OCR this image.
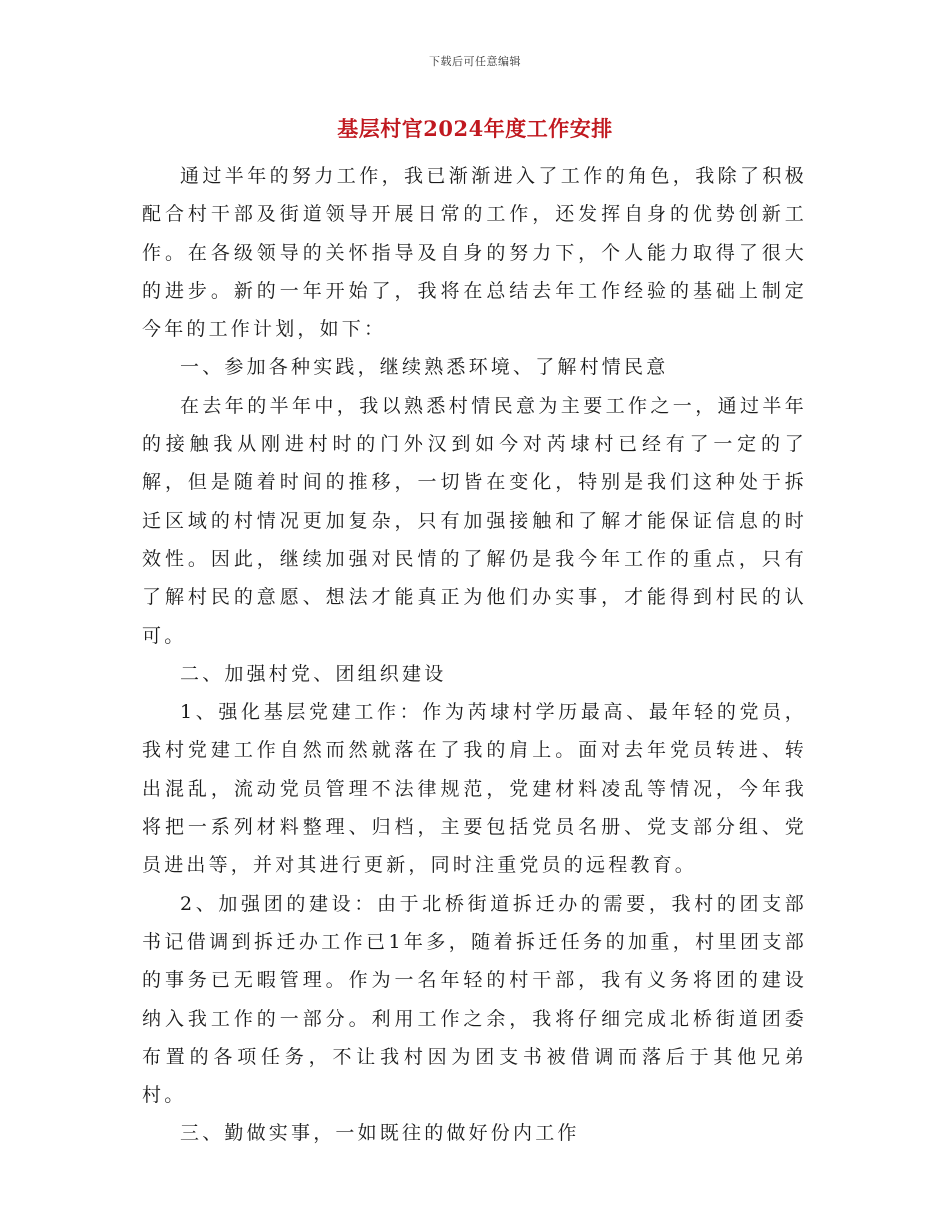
下载后可任意编辑
基层村官2024年度工作安排

通过半年的努力工作，我已渐渐进入了工作的角色，我除了积极配合村干部及街道领导开展日常的工作，还发挥自身的优势创新工作。在各级领导的关怀指导及自身的努力下，个人能力取得了很大的进步。新的一年开始了，我将在总结去年工作经验的基础上制定今年的工作计划，如下：

一、参加各种实践，继续熟悉环境、了解村情民意

在去年的半年中，我以熟悉村情民意为主要工作之一，通过半年的接触我从刚进村时的门外汉到如今对芮埭村已经有了一定的了解，但是随着时间的推移，一切皆在变化，特别是我们这种处于拆迁区域的村情况更加复杂，只有加强接触和了解才能保证信息的时效性。因此，继续加强对民情的了解仍是我今年工作的重点，只有了解村民的意愿、想法才能真正为他们办实事，才能得到村民的认可。

二、加强村党、团组织建设

1、强化基层党建工作：作为芮埭村学历最高、最年轻的党员，我村党建工作自然而然就落在了我的肩上。面对去年党员转进、转出混乱，流动党员管理不法律规范，党建材料凌乱等情况，今年我将把一系列材料整理、归档，主要包括党员名册、党支部分组、党员进出等，并对其进行更新，同时注重党员的远程教育。

2、加强团的建设：由于北桥街道拆迁办的需要，我村的团支部书记借调到拆迁办工作已1年多，随着拆迁任务的加重，村里团支部的事务已无暇管理。作为一名年轻的村干部，我有义务将团的建设纳入我工作的一部分。利用工作之余，我将仔细完成北桥街道团委布置的各项任务，不让我村因为团支书被借调而落后于其他兄弟村。

三、勤做实事，一如既往的做好份内工作
